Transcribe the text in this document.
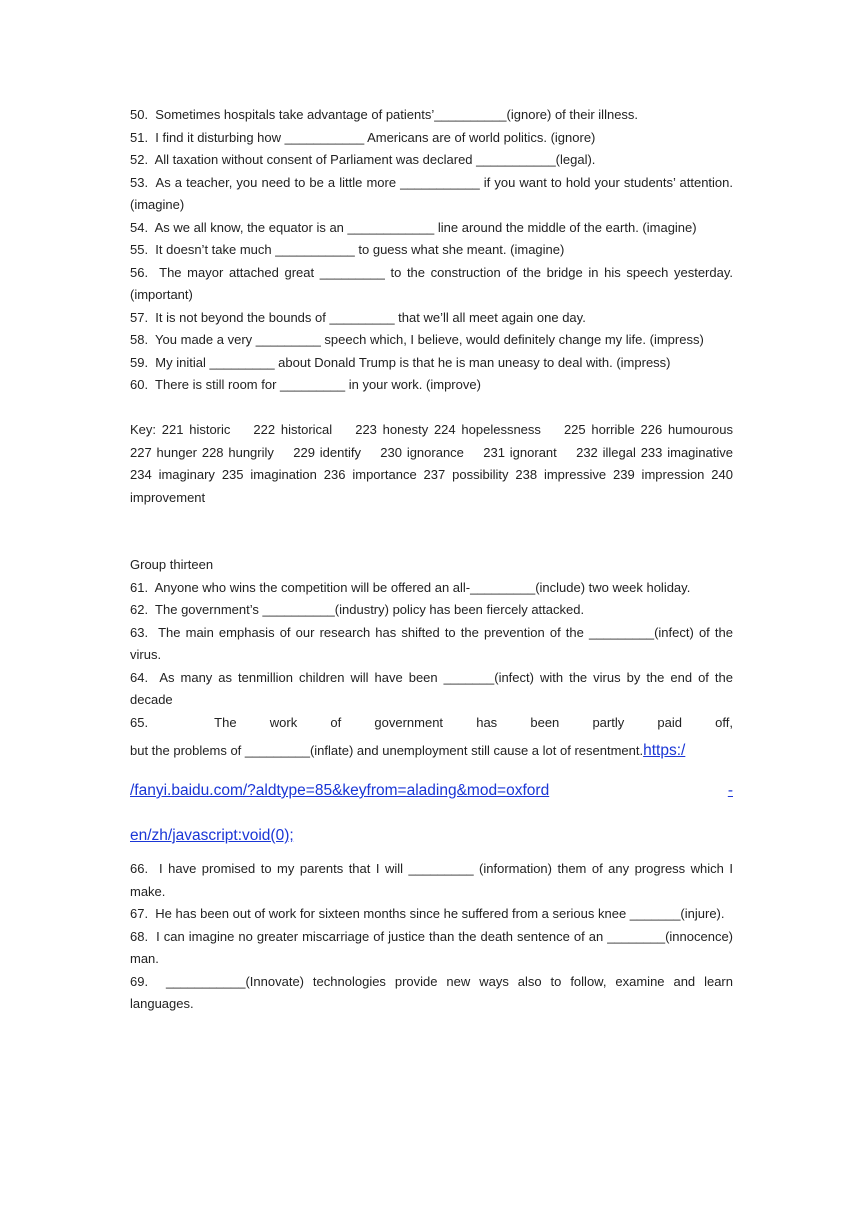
50.  Sometimes hospitals take advantage of patients’__________(ignore) of their illness.

51.  I find it disturbing how ___________ Americans are of world politics. (ignore)

52.  All taxation without consent of Parliament was declared ___________(legal).

53.  As a teacher, you need to be a little more ___________ if you want to hold your students’ attention. (imagine)

54.  As we all know, the equator is an ____________ line around the middle of the earth. (imagine)

55.  It doesn’t take much ___________ to guess what she meant. (imagine)

56.  The mayor attached great _________ to the construction of the bridge in his speech yesterday. (important)

57.  It is not beyond the bounds of _________ that we’ll all meet again one day.

58.  You made a very _________ speech which, I believe, would definitely change my life. (impress)

59.  My initial _________ about Donald Trump is that he is man uneasy to deal with. (impress)

60.  There is still room for _________ in your work. (improve)

Key: 221 historic    222 historical    223 honesty 224 hopelessness    225 horrible 226 humourous 227 hunger 228 hungrily    229 identify    230 ignorance    231 ignorant    232 illegal 233 imaginative 234 imaginary 235 imagination 236 importance 237 possibility 238 impressive 239 impression 240 improvement

Group thirteen

61.  Anyone who wins the competition will be offered an all-_________(include) two week holiday.

62.  The government’s __________(industry) policy has been fiercely attacked.

63.  The main emphasis of our research has shifted to the prevention of the _________(infect) of the virus.

64.  As many as tenmillion children will have been _______(infect) with the virus by the end of the decade

65.  The work of government has been partly paid off,

but the problems of _________(inflate) and unemployment still cause a lot of resentment.https:/

/fanyi.baidu.com/?aldtype=85&keyfrom=alading&mod=oxford	-

en/zh/javascript:void(0);

66.  I have promised to my parents that I will _________ (information) them of any progress which I make.

67.  He has been out of work for sixteen months since he suffered from a serious knee _______(injure).

68.  I can imagine no greater miscarriage of justice than the death sentence of an ________(innocence) man.

69.  ___________(Innovate) technologies provide new ways also to follow, examine and learn languages.
